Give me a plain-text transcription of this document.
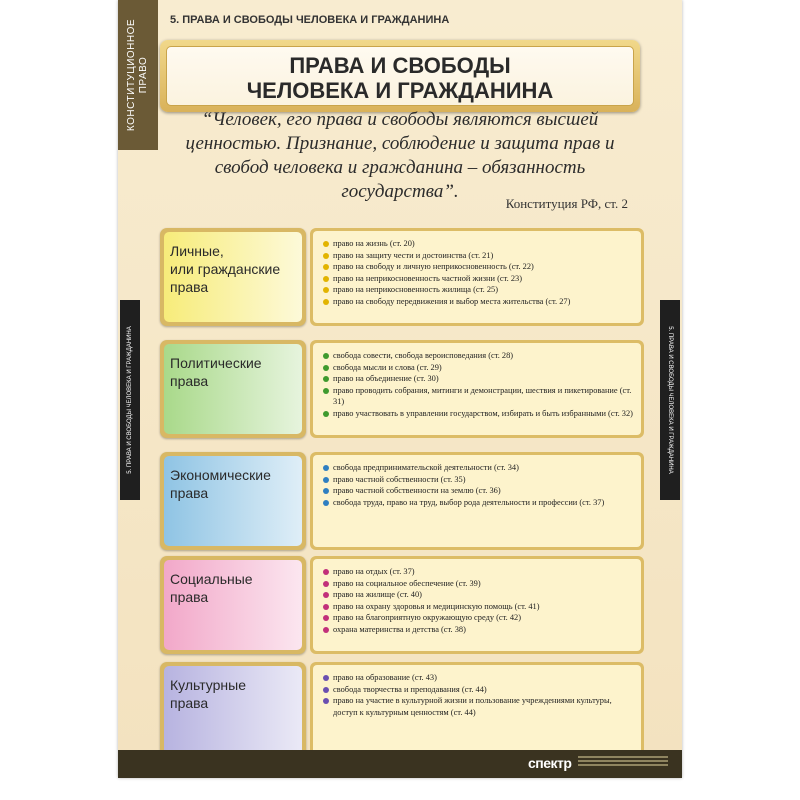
КОНСТИТУЦИОННОЕ
ПРАВО
5. ПРАВА И СВОБОДЫ ЧЕЛОВЕКА И ГРАЖДАНИНА
ПРАВА И СВОБОДЫ
ЧЕЛОВЕКА И ГРАЖДАНИНА
“Человек, его права и свободы являются высшей ценностью. Признание, соблюдение и защита прав и свобод человека и гражданина – обязанность государства”.
Конституция РФ, ст. 2
5. ПРАВА И СВОБОДЫ ЧЕЛОВЕКА И ГРАЖДАНИНА	5. ПРАВА И СВОБОДЫ ЧЕЛОВЕКА И ГРАЖДАНИНА
Личные,
или гражданские
права
право на жизнь (ст. 20)
право на защиту чести и достоинства (ст. 21)
право на свободу и личную неприкосновенность (ст. 22)
право на неприкосновенность частной жизни (ст. 23)
право на неприкосновенность жилища (ст. 25)
право на свободу передвижения и выбор места жительства (ст. 27)
Политические
права
свобода совести, свобода вероисповедания (ст. 28)
свобода мысли и слова (ст. 29)
право на объединение (ст. 30)
право проводить собрания, митинги и демонстрации, шествия и пикетирование (ст. 31)
право участвовать в управлении государством, избирать и быть избранными (ст. 32)
Экономические
права
свобода предпринимательской деятельности (ст. 34)
право частной собственности (ст. 35)
право частной собственности на землю (ст. 36)
свобода труда, право на труд, выбор рода деятельности и профессии (ст. 37)
Социальные
права
право на отдых (ст. 37)
право на социальное обеспечение (ст. 39)
право на жилище (ст. 40)
право на охрану здоровья и медицинскую помощь (ст. 41)
право на благоприятную окружающую среду (ст. 42)
охрана материнства и детства (ст. 38)
Культурные
права
право на образование (ст. 43)
свобода творчества и преподавания (ст. 44)
право на участие в культурной жизни и пользование учреждениями культуры, доступ к культурным ценностям (ст. 44)
спектр
